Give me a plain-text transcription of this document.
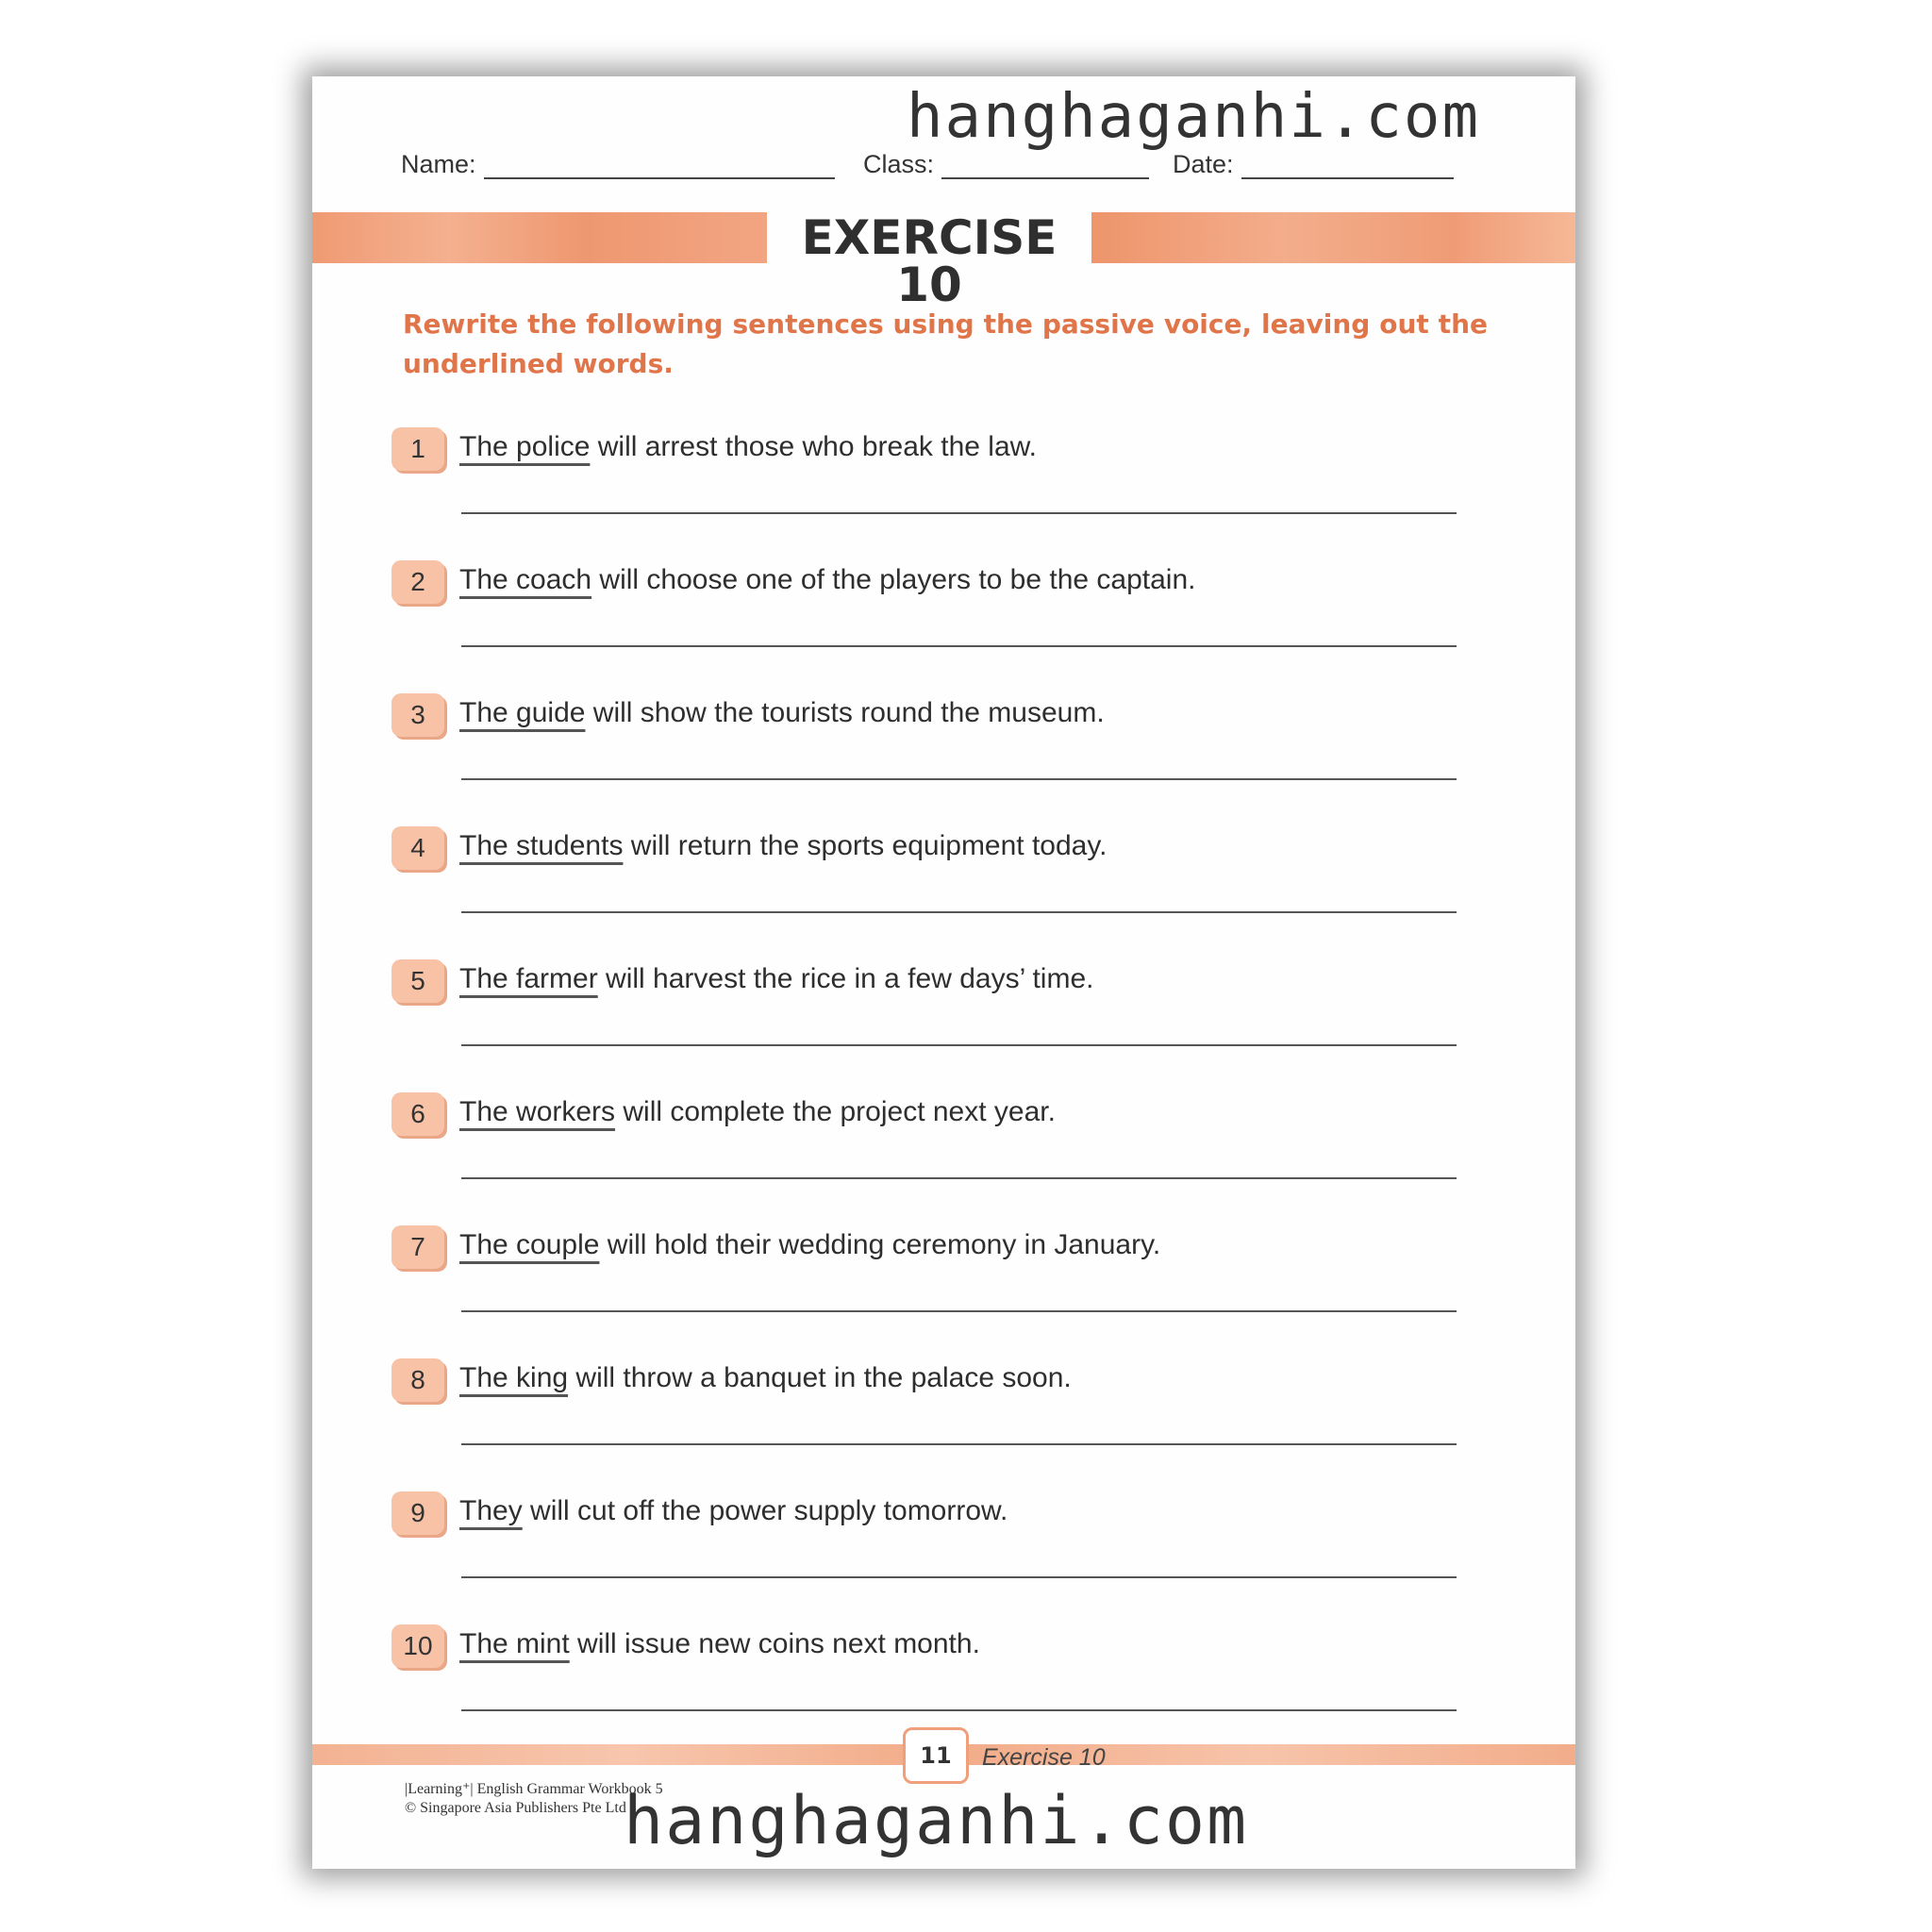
hanghaganhi.com
Name:	Class:	Date:
EXERCISE 10
Rewrite the following sentences using the passive voice, leaving out the underlined words.
1	The police will arrest those who break the law.
2	The coach will choose one of the players to be the captain.
3	The guide will show the tourists round the museum.
4	The students will return the sports equipment today.
5	The farmer will harvest the rice in a few days’ time.
6	The workers will complete the project next year.
7	The couple will hold their wedding ceremony in January.
8	The king will throw a banquet in the palace soon.
9	They will cut off the power supply tomorrow.
10 The mint will issue new coins next month.
11	Exercise 10
|Learning⁺| English Grammar Workbook 5
© Singapore Asia Publishers Pte Ltd
hanghaganhi.com
